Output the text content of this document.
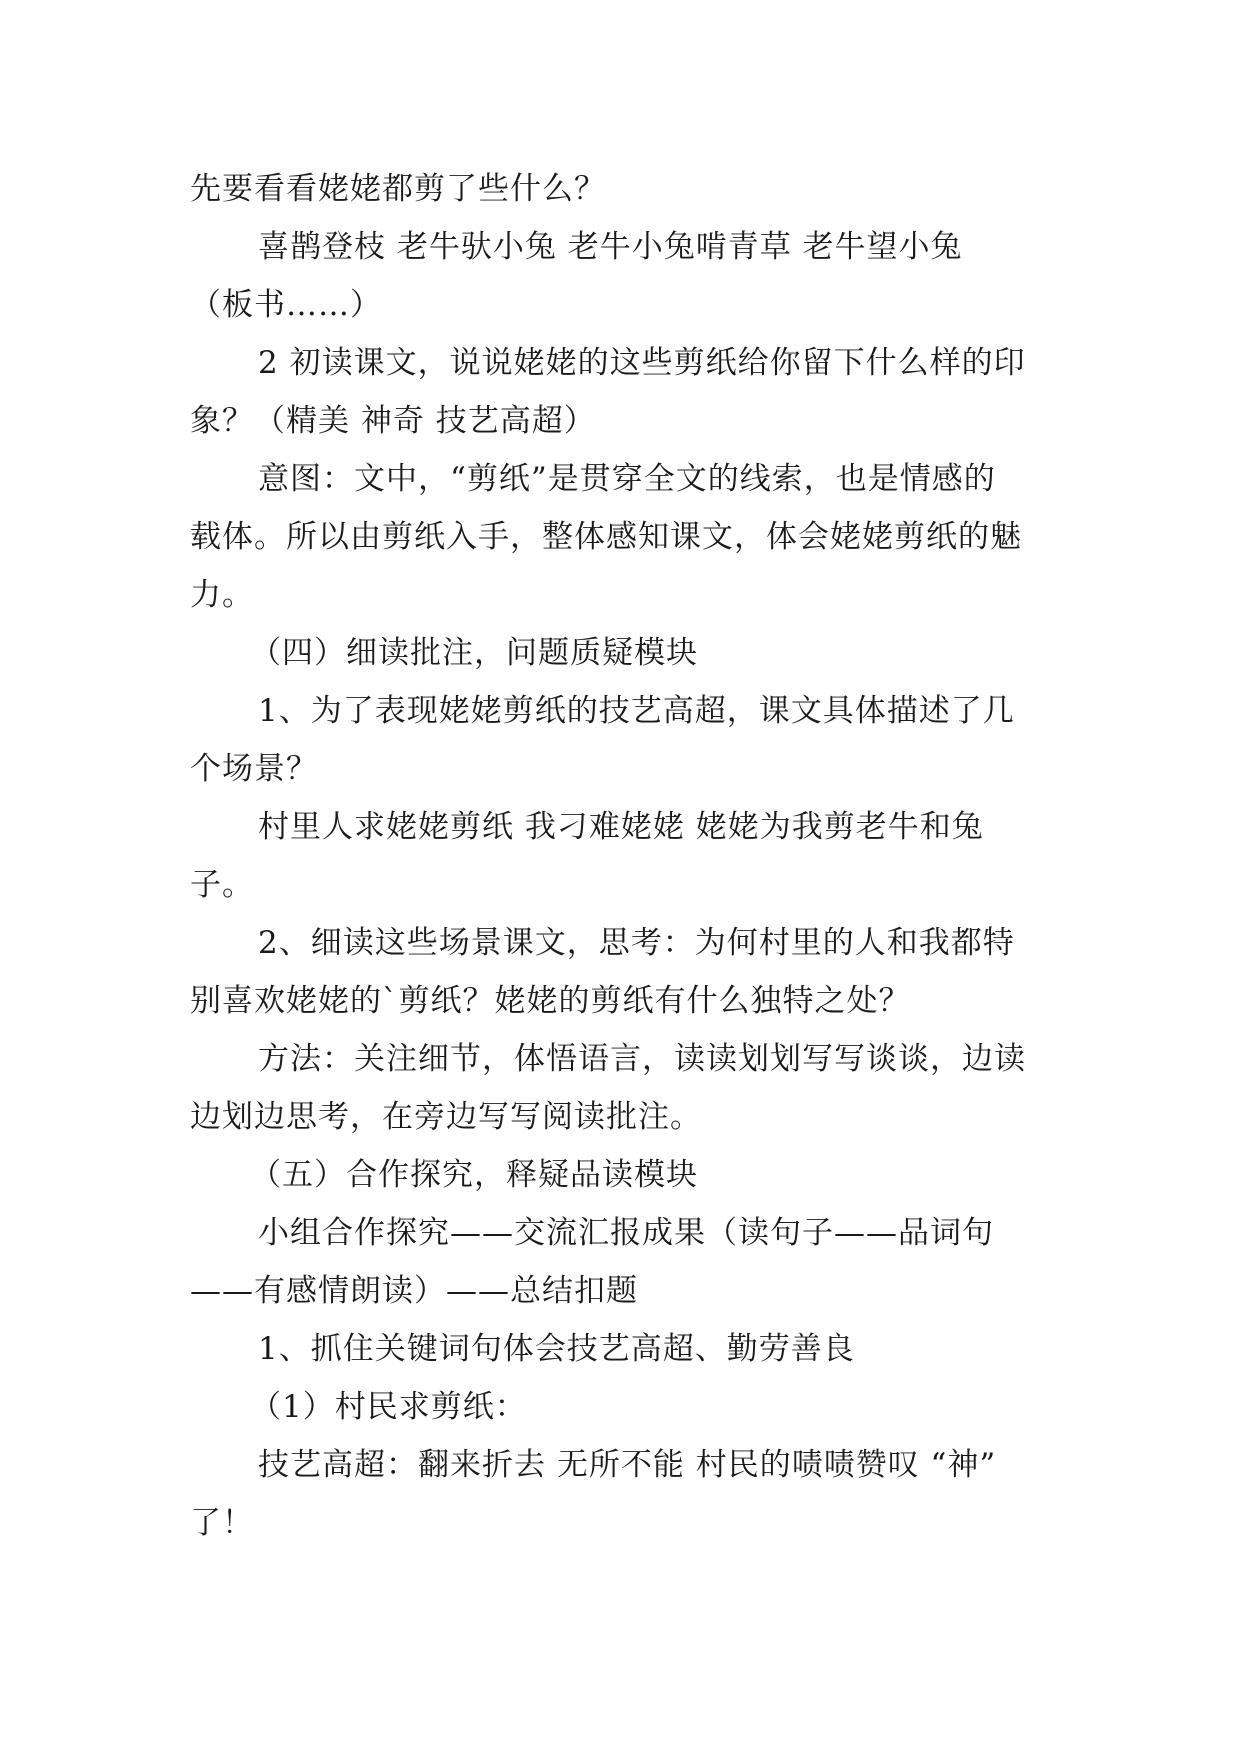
先要看看姥姥都剪了些什么？
喜鹊登枝 老牛驮小兔 老牛小兔啃青草 老牛望小兔
（板书……）
2 初读课文，说说姥姥的这些剪纸给你留下什么样的印
象？（精美 神奇 技艺高超）
意图：文中，“剪纸”是贯穿全文的线索，也是情感的
载体。所以由剪纸入手，整体感知课文，体会姥姥剪纸的魅
力。
（四）细读批注，问题质疑模块
1、为了表现姥姥剪纸的技艺高超，课文具体描述了几
个场景？
村里人求姥姥剪纸 我刁难姥姥 姥姥为我剪老牛和兔
子。
2、细读这些场景课文，思考：为何村里的人和我都特
别喜欢姥姥的`剪纸？姥姥的剪纸有什么独特之处？
方法：关注细节，体悟语言，读读划划写写谈谈，边读
边划边思考，在旁边写写阅读批注。
（五）合作探究，释疑品读模块
小组合作探究——交流汇报成果（读句子——品词句
——有感情朗读）——总结扣题
1、抓住关键词句体会技艺高超、勤劳善良
（1）村民求剪纸：
技艺高超：翻来折去 无所不能 村民的啧啧赞叹 “神”
了！
